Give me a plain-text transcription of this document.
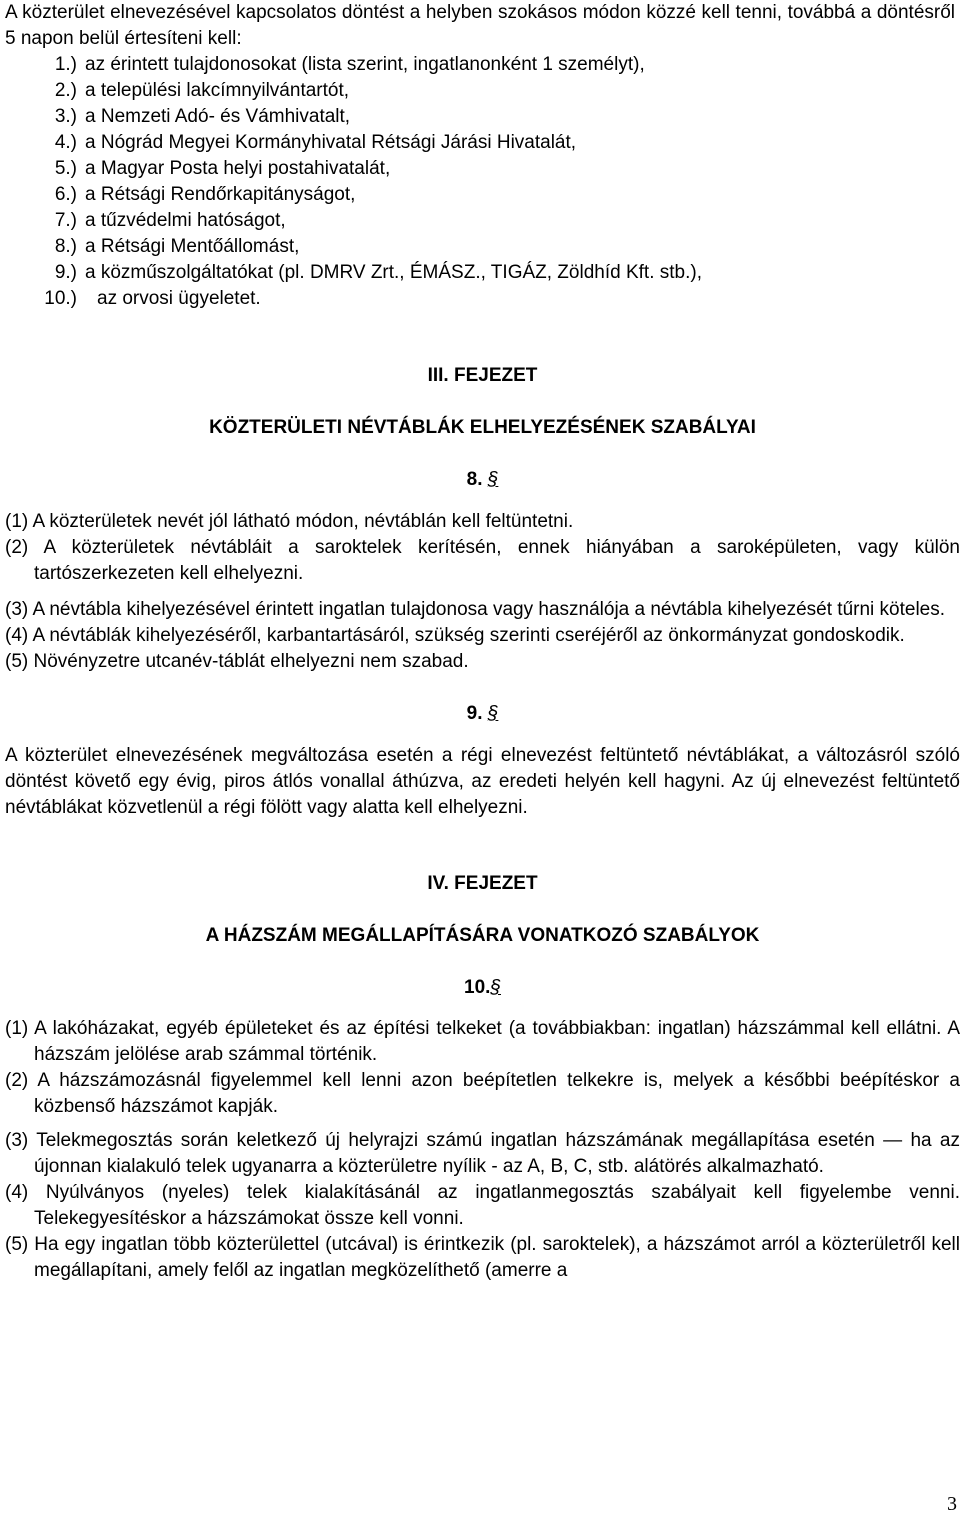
A közterület elnevezésével kapcsolatos döntést a helyben szokásos módon közzé kell tenni, továbbá a döntésről 5 napon belül értesíteni kell:

1.) az érintett tulajdonosokat (lista szerint, ingatlanonként 1 személyt),
2.) a települési lakcímnyilvántartót,
3.) a Nemzeti Adó- és Vámhivatalt,
4.) a Nógrád Megyei Kormányhivatal Rétsági Járási Hivatalát,
5.) a Magyar Posta helyi postahivatalát,
6.) a Rétsági Rendőrkapitányságot,
7.) a tűzvédelmi hatóságot,
8.) a Rétsági Mentőállomást,
9.) a közműszolgáltatókat (pl. DMRV Zrt., ÉMÁSZ., TIGÁZ, Zöldhíd Kft. stb.),
10.) az orvosi ügyeletet.
III. FEJEZET
KÖZTERÜLETI NÉVTÁBLÁK ELHELYEZÉSÉNEK SZABÁLYAI
8. §

(1) A közterületek nevét jól látható módon, névtáblán kell feltüntetni.

(2) A közterületek névtábláit a saroktelek kerítésén, ennek hiányában a saroképületen, vagy külön tartószerkezeten kell elhelyezni.

(3) A névtábla kihelyezésével érintett ingatlan tulajdonosa vagy használója a névtábla kihelyezését tűrni köteles.

(4) A névtáblák kihelyezéséről, karbantartásáról, szükség szerinti cseréjéről az önkormányzat gondoskodik.

(5) Növényzetre utcanév-táblát elhelyezni nem szabad.

9. §

A közterület elnevezésének megváltozása esetén a régi elnevezést feltüntető névtáblákat, a változásról szóló döntést követő egy évig, piros átlós vonallal áthúzva, az eredeti helyén kell hagyni. Az új elnevezést feltüntető névtáblákat közvetlenül a régi fölött vagy alatta kell elhelyezni.

IV. FEJEZET
A HÁZSZÁM MEGÁLLAPÍTÁSÁRA VONATKOZÓ SZABÁLYOK
10.§

(1) A lakóházakat, egyéb épületeket és az építési telkeket (a továbbiakban: ingatlan) házszámmal kell ellátni. A házszám jelölése arab számmal történik.

(2) A házszámozásnál figyelemmel kell lenni azon beépítetlen telkekre is, melyek a későbbi beépítéskor a közbenső házszámot kapják.

(3) Telekmegosztás során keletkező új helyrajzi számú ingatlan házszámának megállapítása esetén — ha az újonnan kialakuló telek ugyanarra a közterületre nyílik - az A, B, C, stb. alátörés alkalmazható.

(4) Nyúlványos (nyeles) telek kialakításánál az ingatlanmegosztás szabályait kell figyelembe venni. Telekegyesítéskor a házszámokat össze kell vonni.

(5) Ha egy ingatlan több közterülettel (utcával) is érintkezik (pl. saroktelek), a házszámot arról a közterületről kell megállapítani, amely felől az ingatlan megközelíthető (amerre a

3
